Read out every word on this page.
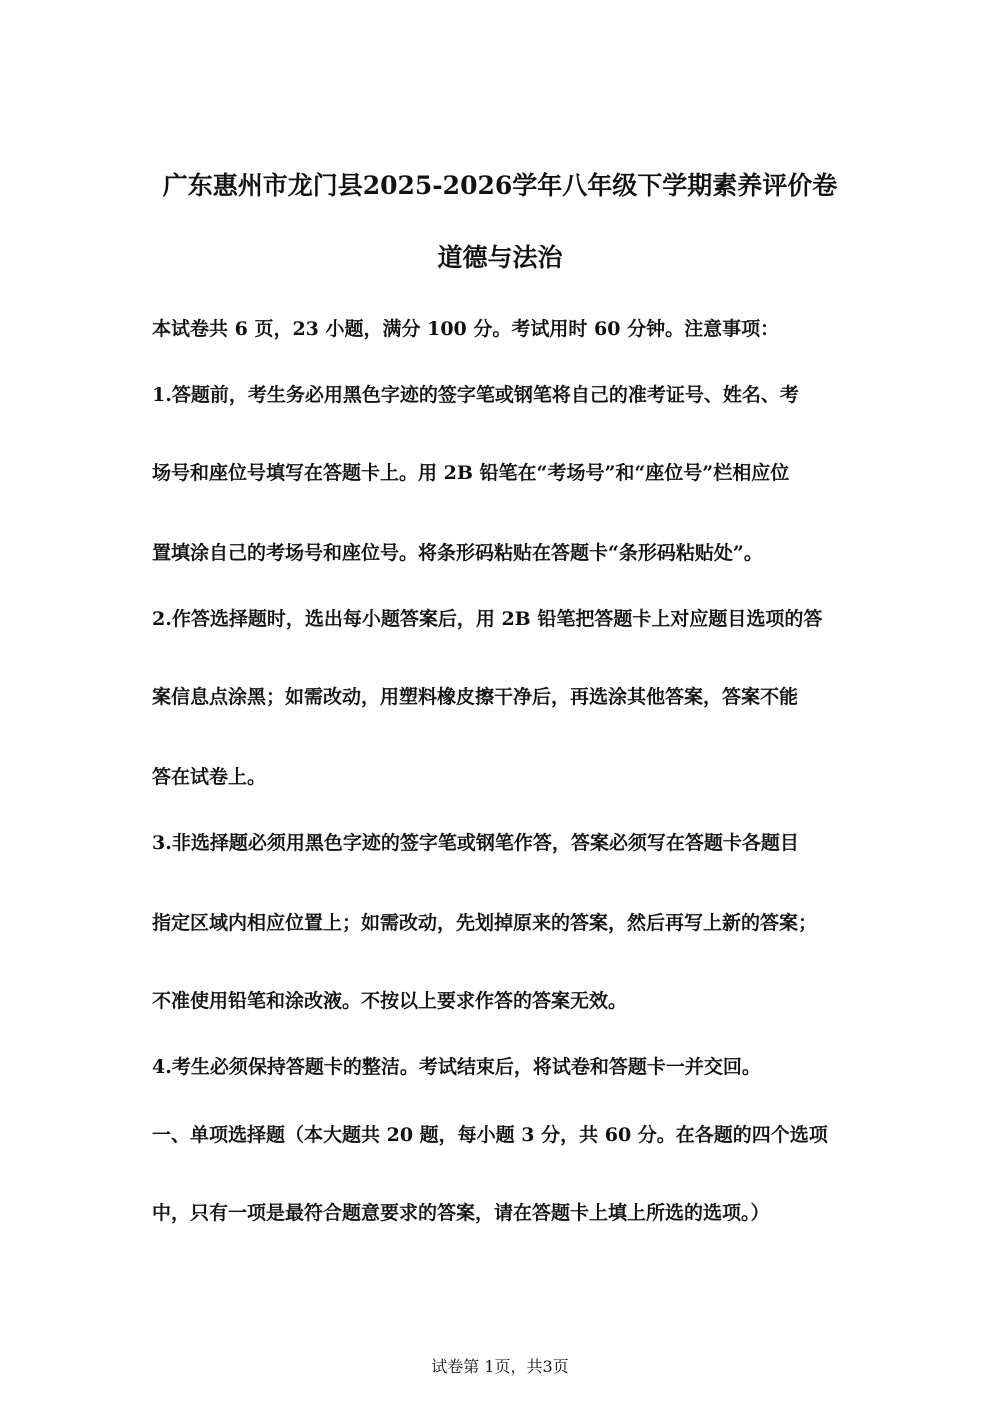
广东惠州市龙门县2025-2026学年八年级下学期素养评价卷
道德与法治
本试卷共 6 页，23 小题，满分 100 分。考试用时 60 分钟。注意事项：
1.答题前，考生务必用黑色字迹的签字笔或钢笔将自己的准考证号、姓名、考
场号和座位号填写在答题卡上。用 2B 铅笔在“考场号”和“座位号”栏相应位
置填涂自己的考场号和座位号。将条形码粘贴在答题卡“条形码粘贴处”。
2.作答选择题时，选出每小题答案后，用 2B 铅笔把答题卡上对应题目选项的答
案信息点涂黑；如需改动，用塑料橡皮擦干净后，再选涂其他答案，答案不能
答在试卷上。
3.非选择题必须用黑色字迹的签字笔或钢笔作答，答案必须写在答题卡各题目
指定区域内相应位置上；如需改动，先划掉原来的答案，然后再写上新的答案；
不准使用铅笔和涂改液。不按以上要求作答的答案无效。
4.考生必须保持答题卡的整洁。考试结束后，将试卷和答题卡一并交回。
一、单项选择题（本大题共 20 题，每小题 3 分，共 60 分。在各题的四个选项
中，只有一项是最符合题意要求的答案，请在答题卡上填上所选的选项。）
试卷第 1页，共3页
